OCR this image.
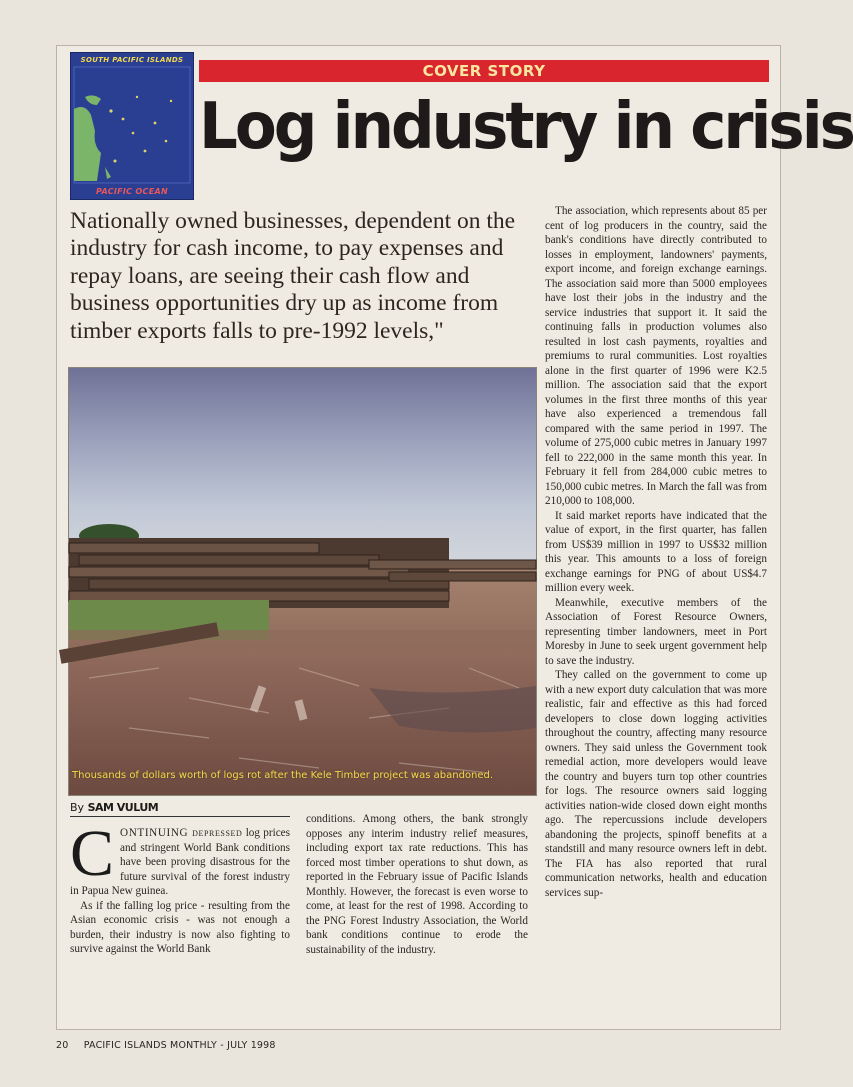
SOUTH PACIFIC ISLANDS
PACIFIC OCEAN
COVER STORY
Log industry in crisis
Nationally owned businesses, dependent on the industry for cash income, to pay expenses and repay loans, are seeing their cash flow and business opportunities dry up as income from timber exports falls to pre-1992 levels,"
Thousands of dollars worth of logs rot after the Kele Timber project was abandoned.
By SAM VULUM

C ONTINUING depressed log prices and stringent World Bank conditions have been proving disastrous for the future survival of the forest industry in Papua New guinea.

As if the falling log price - resulting from the Asian economic crisis - was not enough a burden, their industry is now also fighting to survive against the World Bank

conditions. Among others, the bank strongly opposes any interim industry relief measures, including export tax rate reductions. This has forced most timber operations to shut down, as reported in the February issue of Pacific Islands Monthly. However, the forecast is even worse to come, at least for the rest of 1998. According to the PNG Forest Industry Association, the World bank conditions continue to erode the sustainability of the industry.

The association, which represents about 85 per cent of log producers in the country, said the bank's conditions have directly contributed to losses in employment, landowners' payments, export income, and foreign exchange earnings. The association said more than 5000 employees have lost their jobs in the industry and the service industries that support it. It said the continuing falls in production volumes also resulted in lost cash payments, royalties and premiums to rural communities. Lost royalties alone in the first quarter of 1996 were K2.5 million. The association said that the export volumes in the first three months of this year have also experienced a tremendous fall compared with the same period in 1997. The volume of 275,000 cubic metres in January 1997 fell to 222,000 in the same month this year. In February it fell from 284,000 cubic metres to 150,000 cubic metres. In March the fall was from 210,000 to 108,000.

It said market reports have indicated that the value of export, in the first quarter, has fallen from US$39 million in 1997 to US$32 million this year. This amounts to a loss of foreign exchange earnings for PNG of about US$4.7 million every week.

Meanwhile, executive members of the Association of Forest Resource Owners, representing timber landowners, meet in Port Moresby in June to seek urgent government help to save the industry.

They called on the government to come up with a new export duty calculation that was more realistic, fair and effective as this had forced developers to close down logging activities throughout the country, affecting many resource owners. They said unless the Government took remedial action, more developers would leave the country and buyers turn top other countries for logs. The resource owners said logging activities nation-wide closed down eight months ago. The repercussions include developers abandoning the projects, spinoff benefits at a standstill and many resource owners left in debt. The FIA has also reported that rural communication networks, health and education services sup-

20 PACIFIC ISLANDS MONTHLY - JULY 1998
